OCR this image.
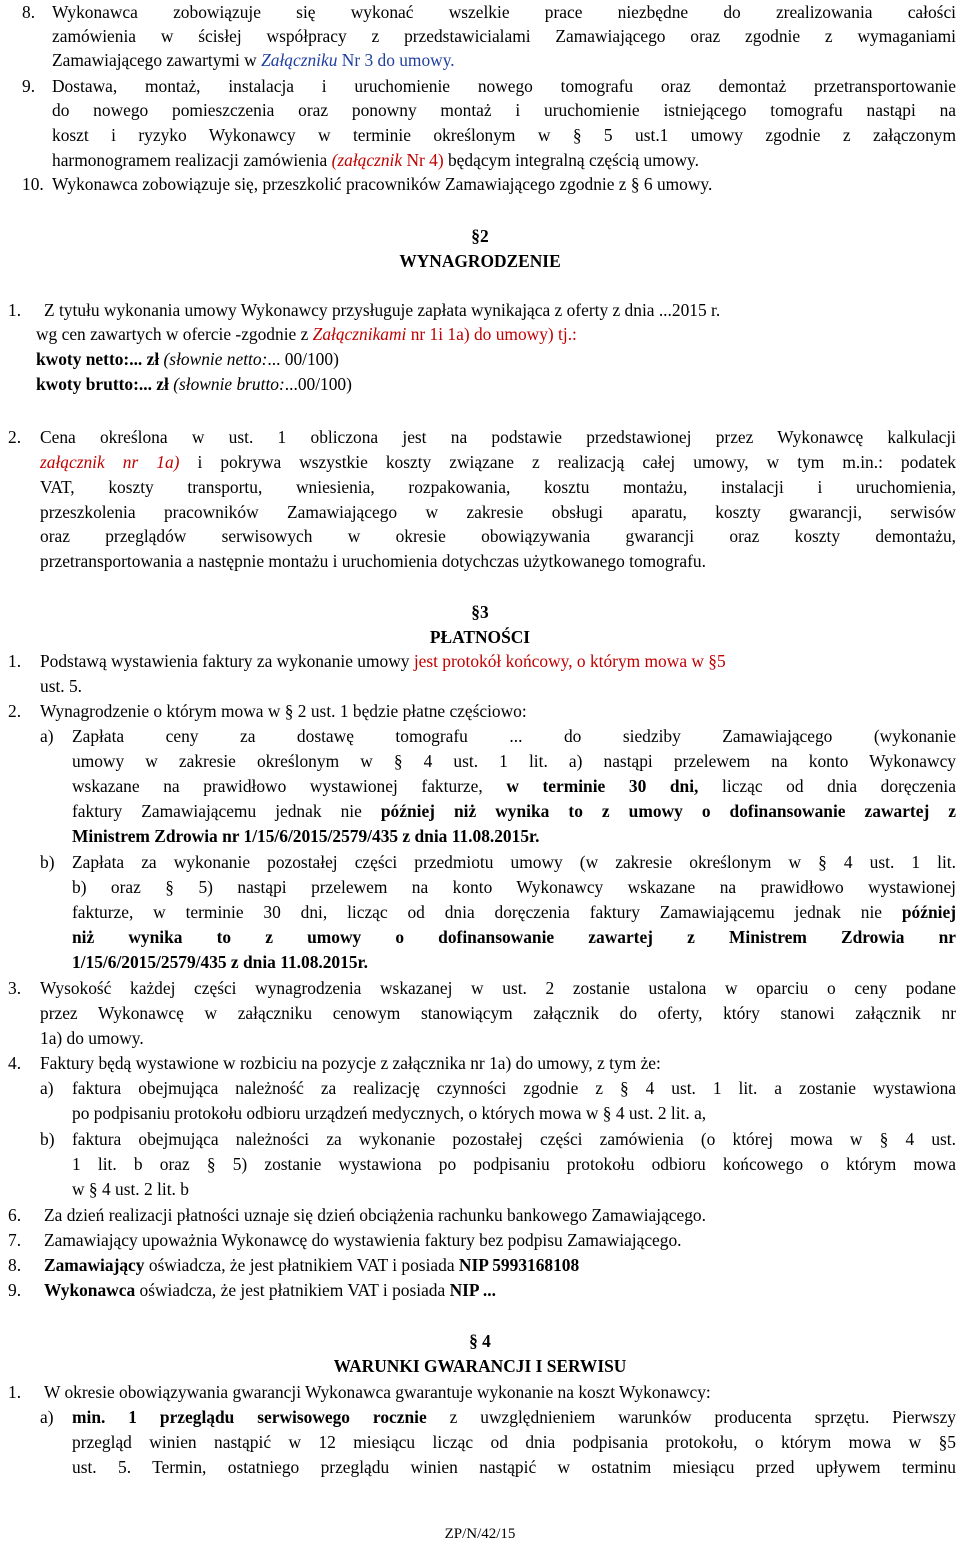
8. Wykonawca zobowiązuje się wykonać wszelkie prace niezbędne do zrealizowania całości
zamówienia w ścisłej współpracy z przedstawicialami Zamawiającego oraz zgodnie z wymaganiami
Zamawiającego zawartymi w Załączniku Nr 3 do umowy.
9. Dostawa, montaż, instalacja i uruchomienie nowego tomografu oraz demontaż przetransportowanie
do nowego pomieszczenia oraz ponowny montaż i uruchomienie istniejącego tomografu nastąpi na
koszt i ryzyko Wykonawcy w terminie określonym w § 5 ust.1 umowy zgodnie z załączonym
harmonogramem realizacji zamówienia (załącznik Nr 4) będącym integralną częścią umowy.
10. Wykonawca zobowiązuje się, przeszkolić pracowników Zamawiającego zgodnie z § 6 umowy.
§2
WYNAGRODZENIE
1. Z tytułu wykonania umowy Wykonawcy przysługuje zapłata wynikająca z oferty z dnia ...2015 r.
wg cen zawartych w ofercie -zgodnie z Załącznikami nr 1i 1a) do umowy) tj.:
kwoty netto:... zł (słownie netto:... 00/100)
kwoty brutto:... zł (słownie brutto:...00/100)
2. Cena określona w ust. 1 obliczona jest na podstawie przedstawionej przez Wykonawcę kalkulacji
załącznik nr 1a) i pokrywa wszystkie koszty związane z realizacją całej umowy, w tym m.in.: podatek
VAT, koszty transportu, wniesienia, rozpakowania, kosztu montażu, instalacji i uruchomienia,
przeszkolenia pracowników Zamawiającego w zakresie obsługi aparatu, koszty gwarancji, serwisów
oraz przeglądów serwisowych w okresie obowiązywania gwarancji oraz koszty demontażu,
przetransportowania a następnie montażu i uruchomienia dotychczas użytkowanego tomografu.
§3
PŁATNOŚCI
1. Podstawą wystawienia faktury za wykonanie umowy jest protokół końcowy, o którym mowa w §5
ust. 5.
2. Wynagrodzenie o którym mowa w § 2 ust. 1 będzie płatne częściowo:
a) Zapłata ceny za dostawę tomografu ... do siedziby Zamawiającego (wykonanie
umowy w zakresie określonym w § 4 ust. 1 lit. a) nastąpi przelewem na konto Wykonawcy
wskazane na prawidłowo wystawionej fakturze, w terminie 30 dni, licząc od dnia doręczenia
faktury Zamawiającemu jednak nie później niż wynika to z umowy o dofinansowanie zawartej z
Ministrem Zdrowia nr 1/15/6/2015/2579/435 z dnia 11.08.2015r.
b) Zapłata za wykonanie pozostałej części przedmiotu umowy (w zakresie określonym w § 4 ust. 1 lit.
b) oraz § 5) nastąpi przelewem na konto Wykonawcy wskazane na prawidłowo wystawionej
fakturze, w terminie 30 dni, licząc od dnia doręczenia faktury Zamawiającemu jednak nie później
niż wynika to z umowy o dofinansowanie zawartej z Ministrem Zdrowia nr
1/15/6/2015/2579/435 z dnia 11.08.2015r.
3. Wysokość każdej części wynagrodzenia wskazanej w ust. 2 zostanie ustalona w oparciu o ceny podane
przez Wykonawcę w załączniku cenowym stanowiącym załącznik do oferty, który stanowi załącznik nr
1a) do umowy.
4. Faktury będą wystawione w rozbiciu na pozycje z załącznika nr 1a) do umowy, z tym że:
a) faktura obejmująca należność za realizację czynności zgodnie z § 4 ust. 1 lit. a zostanie wystawiona
po podpisaniu protokołu odbioru urządzeń medycznych, o których mowa w § 4 ust. 2 lit. a,
b) faktura obejmująca należności za wykonanie pozostałej części zamówienia (o której mowa w § 4 ust.
1 lit. b oraz § 5) zostanie wystawiona po podpisaniu protokołu odbioru końcowego o którym mowa
w § 4 ust. 2 lit. b
6. Za dzień realizacji płatności uznaje się dzień obciążenia rachunku bankowego Zamawiającego.
7. Zamawiający upoważnia Wykonawcę do wystawienia faktury bez podpisu Zamawiającego.
8. Zamawiający oświadcza, że jest płatnikiem VAT i posiada NIP 5993168108
9. Wykonawca oświadcza, że jest płatnikiem VAT i posiada NIP ...
§ 4
WARUNKI GWARANCJI I SERWISU
1. W okresie obowiązywania gwarancji Wykonawca gwarantuje wykonanie na koszt Wykonawcy:
a) min. 1 przeglądu serwisowego rocznie z uwzględnieniem warunków producenta sprzętu. Pierwszy
przegląd winien nastąpić w 12 miesiącu licząc od dnia podpisania protokołu, o którym mowa w §5
ust. 5. Termin, ostatniego przeglądu winien nastąpić w ostatnim miesiącu przed upływem terminu
ZP/N/42/15
